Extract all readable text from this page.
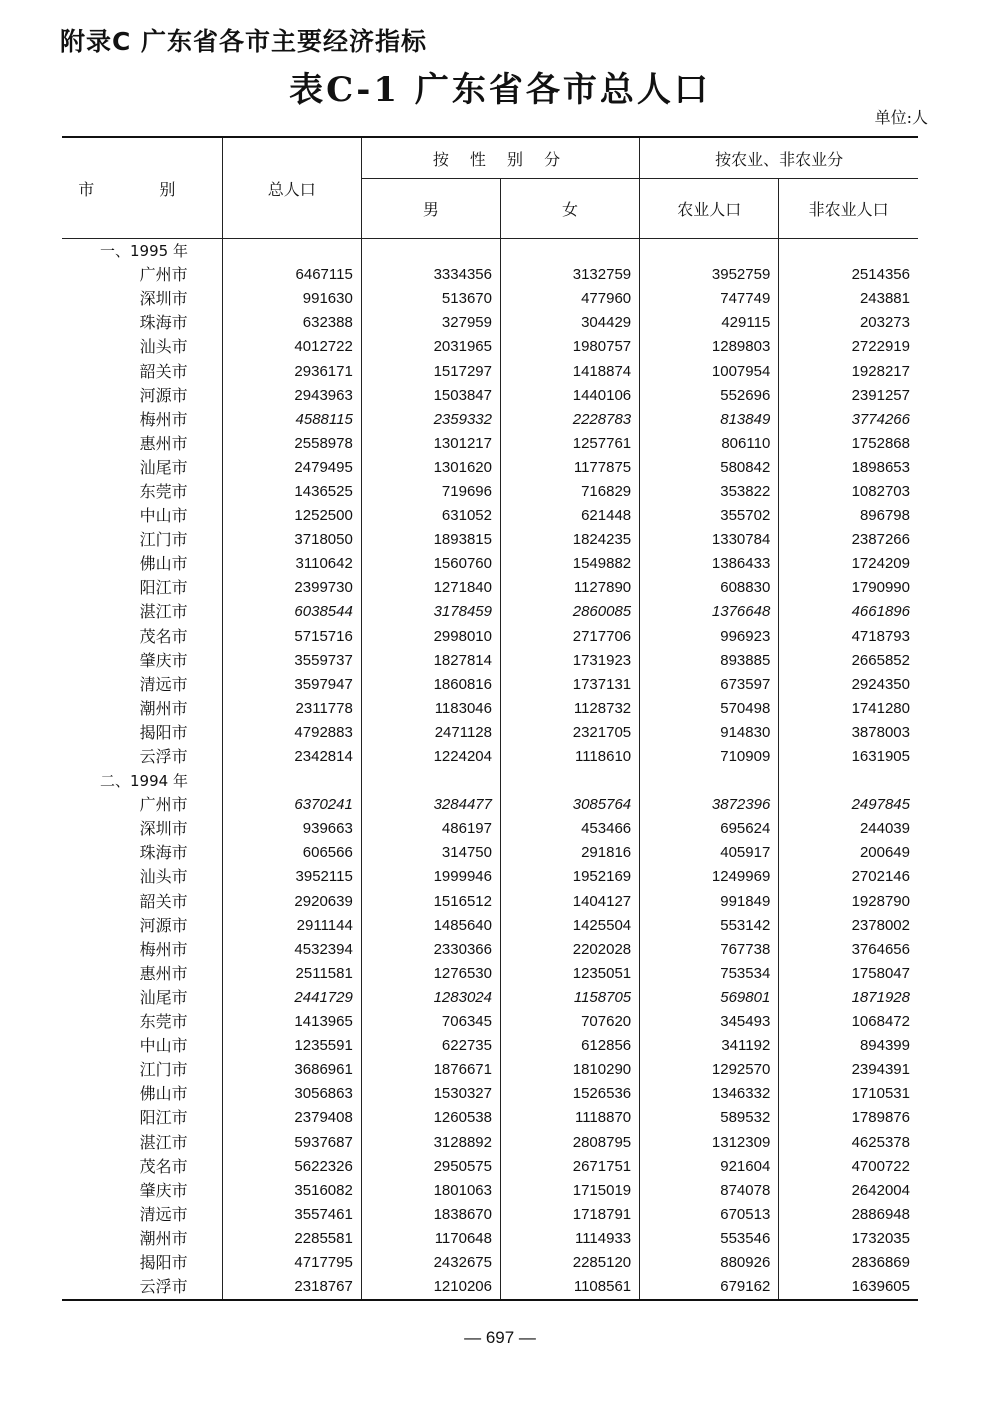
附录C 广东省各市主要经济指标
表C-1 广东省各市总人口
单位:人
市 别	总人口	按 性 别 分		按农业、非农业分	
		男	女	农业人口	非农业人口
一、1995 年					
广州市	6467115	3334356	3132759	3952759	2514356
深圳市	991630	513670	477960	747749	243881
珠海市	632388	327959	304429	429115	203273
汕头市	4012722	2031965	1980757	1289803	2722919
韶关市	2936171	1517297	1418874	1007954	1928217
河源市	2943963	1503847	1440106	552696	2391257
梅州市	4588115	2359332	2228783	813849	3774266
惠州市	2558978	1301217	1257761	806110	1752868
汕尾市	2479495	1301620	1177875	580842	1898653
东莞市	1436525	719696	716829	353822	1082703
中山市	1252500	631052	621448	355702	896798
江门市	3718050	1893815	1824235	1330784	2387266
佛山市	3110642	1560760	1549882	1386433	1724209
阳江市	2399730	1271840	1127890	608830	1790990
湛江市	6038544	3178459	2860085	1376648	4661896
茂名市	5715716	2998010	2717706	996923	4718793
肇庆市	3559737	1827814	1731923	893885	2665852
清远市	3597947	1860816	1737131	673597	2924350
潮州市	2311778	1183046	1128732	570498	1741280
揭阳市	4792883	2471128	2321705	914830	3878003
云浮市	2342814	1224204	1118610	710909	1631905
二、1994 年					
广州市	6370241	3284477	3085764	3872396	2497845
深圳市	939663	486197	453466	695624	244039
珠海市	606566	314750	291816	405917	200649
汕头市	3952115	1999946	1952169	1249969	2702146
韶关市	2920639	1516512	1404127	991849	1928790
河源市	2911144	1485640	1425504	553142	2378002
梅州市	4532394	2330366	2202028	767738	3764656
惠州市	2511581	1276530	1235051	753534	1758047
汕尾市	2441729	1283024	1158705	569801	1871928
东莞市	1413965	706345	707620	345493	1068472
中山市	1235591	622735	612856	341192	894399
江门市	3686961	1876671	1810290	1292570	2394391
佛山市	3056863	1530327	1526536	1346332	1710531
阳江市	2379408	1260538	1118870	589532	1789876
湛江市	5937687	3128892	2808795	1312309	4625378
茂名市	5622326	2950575	2671751	921604	4700722
肇庆市	3516082	1801063	1715019	874078	2642004
清远市	3557461	1838670	1718791	670513	2886948
潮州市	2285581	1170648	1114933	553546	1732035
揭阳市	4717795	2432675	2285120	880926	2836869
云浮市	2318767	1210206	1108561	679162	1639605
— 697 —
